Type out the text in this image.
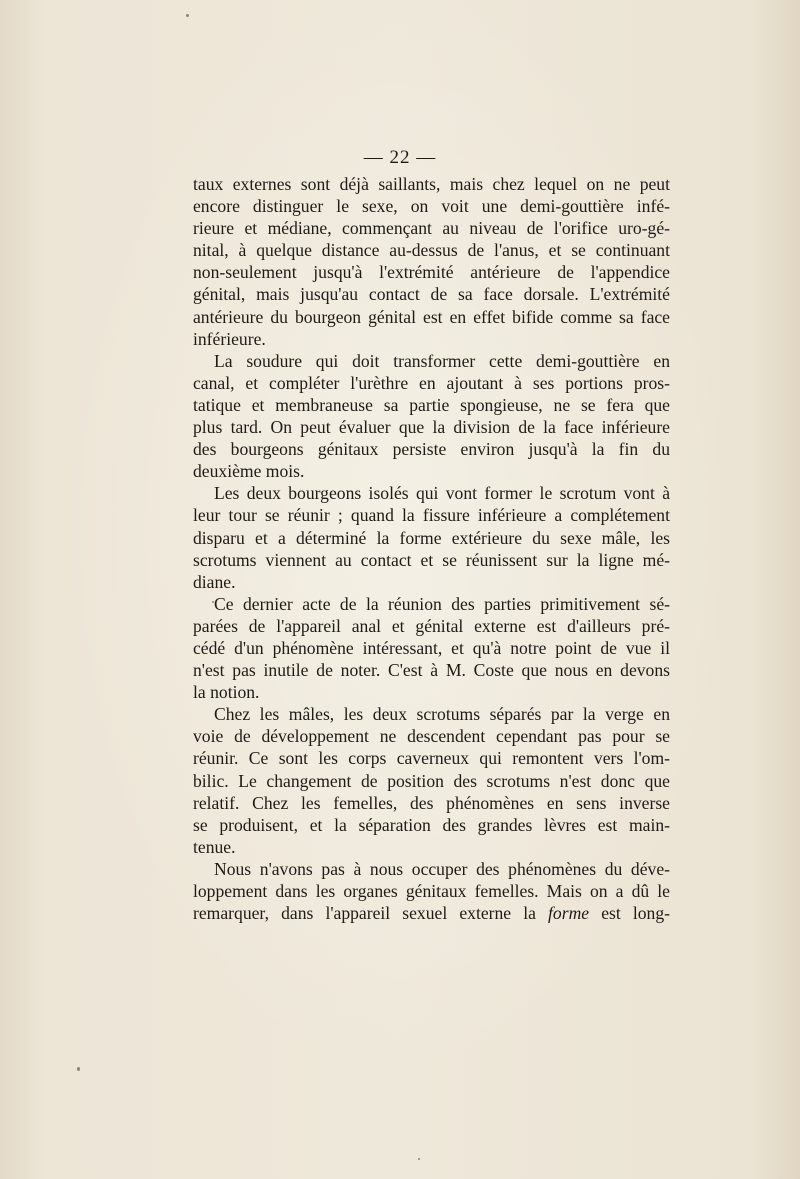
— 22 —

taux externes sont déjà saillants, mais chez lequel on ne peut
encore distinguer le sexe, on voit une demi-gouttière infé-
rieure et médiane, commençant au niveau de l'orifice uro-gé-
nital, à quelque distance au-dessus de l'anus, et se continuant
non-seulement jusqu'à l'extrémité antérieure de l'appendice
génital, mais jusqu'au contact de sa face dorsale. L'extrémité
antérieure du bourgeon génital est en effet bifide comme sa face
inférieure.

La soudure qui doit transformer cette demi-gouttière en
canal, et compléter l'urèthre en ajoutant à ses portions pros-
tatique et membraneuse sa partie spongieuse, ne se fera que
plus tard. On peut évaluer que la division de la face inférieure
des bourgeons génitaux persiste environ jusqu'à la fin du
deuxième mois.

Les deux bourgeons isolés qui vont former le scrotum vont à
leur tour se réunir ; quand la fissure inférieure a complétement
disparu et a déterminé la forme extérieure du sexe mâle, les
scrotums viennent au contact et se réunissent sur la ligne mé-
diane.

Ce dernier acte de la réunion des parties primitivement sé-
parées de l'appareil anal et génital externe est d'ailleurs pré-
cédé d'un phénomène intéressant, et qu'à notre point de vue il
n'est pas inutile de noter. C'est à M. Coste que nous en devons
la notion.

Chez les mâles, les deux scrotums séparés par la verge en
voie de développement ne descendent cependant pas pour se
réunir. Ce sont les corps caverneux qui remontent vers l'om-
bilic. Le changement de position des scrotums n'est donc que
relatif. Chez les femelles, des phénomènes en sens inverse
se produisent, et la séparation des grandes lèvres est main-
tenue.

Nous n'avons pas à nous occuper des phénomènes du déve-
loppement dans les organes génitaux femelles. Mais on a dû le
remarquer, dans l'appareil sexuel externe la forme est long-
